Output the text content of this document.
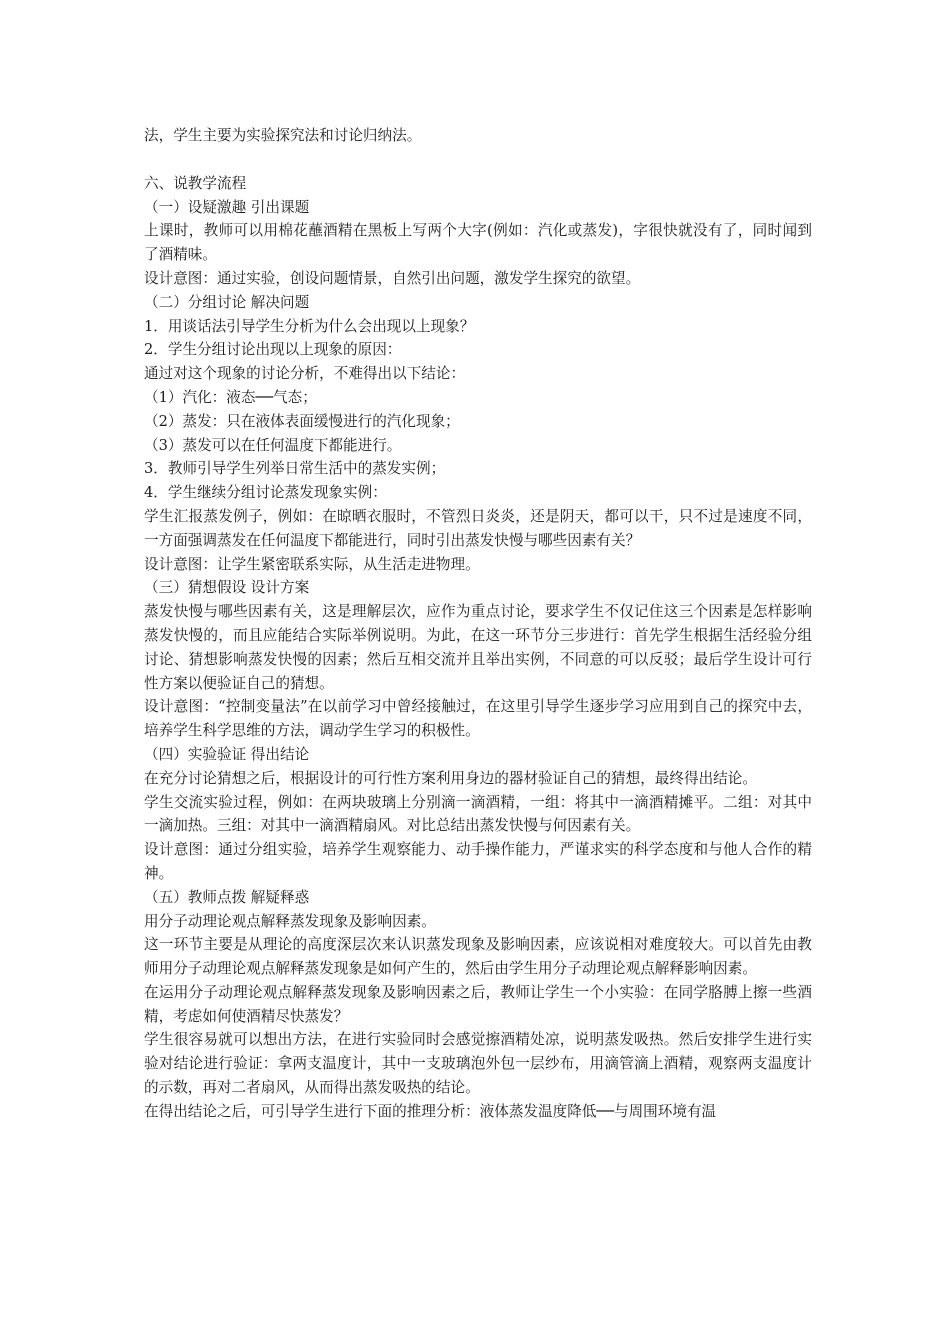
法，学生主要为实验探究法和讨论归纳法。

六、说教学流程

（一）设疑激趣 引出课题

上课时，教师可以用棉花蘸酒精在黑板上写两个大字(例如：汽化或蒸发)，字很快就没有了，同时闻到了酒精味。

设计意图：通过实验，创设问题情景，自然引出问题，激发学生探究的欲望。

（二）分组讨论 解决问题

1．用谈话法引导学生分析为什么会出现以上现象？

2．学生分组讨论出现以上现象的原因：

通过对这个现象的讨论分析，不难得出以下结论：

（1）汽化：液态──气态；

（2）蒸发：只在液体表面缓慢进行的汽化现象；

（3）蒸发可以在任何温度下都能进行。

3．教师引导学生列举日常生活中的蒸发实例；

4．学生继续分组讨论蒸发现象实例：

学生汇报蒸发例子，例如：在晾晒衣服时，不管烈日炎炎，还是阴天，都可以干，只不过是速度不同，一方面强调蒸发在任何温度下都能进行，同时引出蒸发快慢与哪些因素有关？

设计意图：让学生紧密联系实际，从生活走进物理。

（三）猜想假设 设计方案

蒸发快慢与哪些因素有关，这是理解层次，应作为重点讨论，要求学生不仅记住这三个因素是怎样影响蒸发快慢的，而且应能结合实际举例说明。为此，在这一环节分三步进行：首先学生根据生活经验分组讨论、猜想影响蒸发快慢的因素；然后互相交流并且举出实例，不同意的可以反驳；最后学生设计可行性方案以便验证自己的猜想。

设计意图：“控制变量法”在以前学习中曾经接触过，在这里引导学生逐步学习应用到自己的探究中去，培养学生科学思维的方法，调动学生学习的积极性。

（四）实验验证 得出结论

在充分讨论猜想之后，根据设计的可行性方案利用身边的器材验证自己的猜想，最终得出结论。

学生交流实验过程，例如：在两块玻璃上分别滴一滴酒精，一组：将其中一滴酒精摊平。二组：对其中一滴加热。三组：对其中一滴酒精扇风。对比总结出蒸发快慢与何因素有关。

设计意图：通过分组实验，培养学生观察能力、动手操作能力，严谨求实的科学态度和与他人合作的精神。

（五）教师点拨 解疑释惑

用分子动理论观点解释蒸发现象及影响因素。

这一环节主要是从理论的高度深层次来认识蒸发现象及影响因素，应该说相对难度较大。可以首先由教师用分子动理论观点解释蒸发现象是如何产生的，然后由学生用分子动理论观点解释影响因素。

在运用分子动理论观点解释蒸发现象及影响因素之后，教师让学生一个小实验：在同学胳膊上擦一些酒精，考虑如何使酒精尽快蒸发？

学生很容易就可以想出方法，在进行实验同时会感觉擦酒精处凉，说明蒸发吸热。然后安排学生进行实验对结论进行验证：拿两支温度计，其中一支玻璃泡外包一层纱布，用滴管滴上酒精，观察两支温度计的示数，再对二者扇风，从而得出蒸发吸热的结论。

在得出结论之后，可引导学生进行下面的推理分析：液体蒸发温度降低──与周围环境有温
